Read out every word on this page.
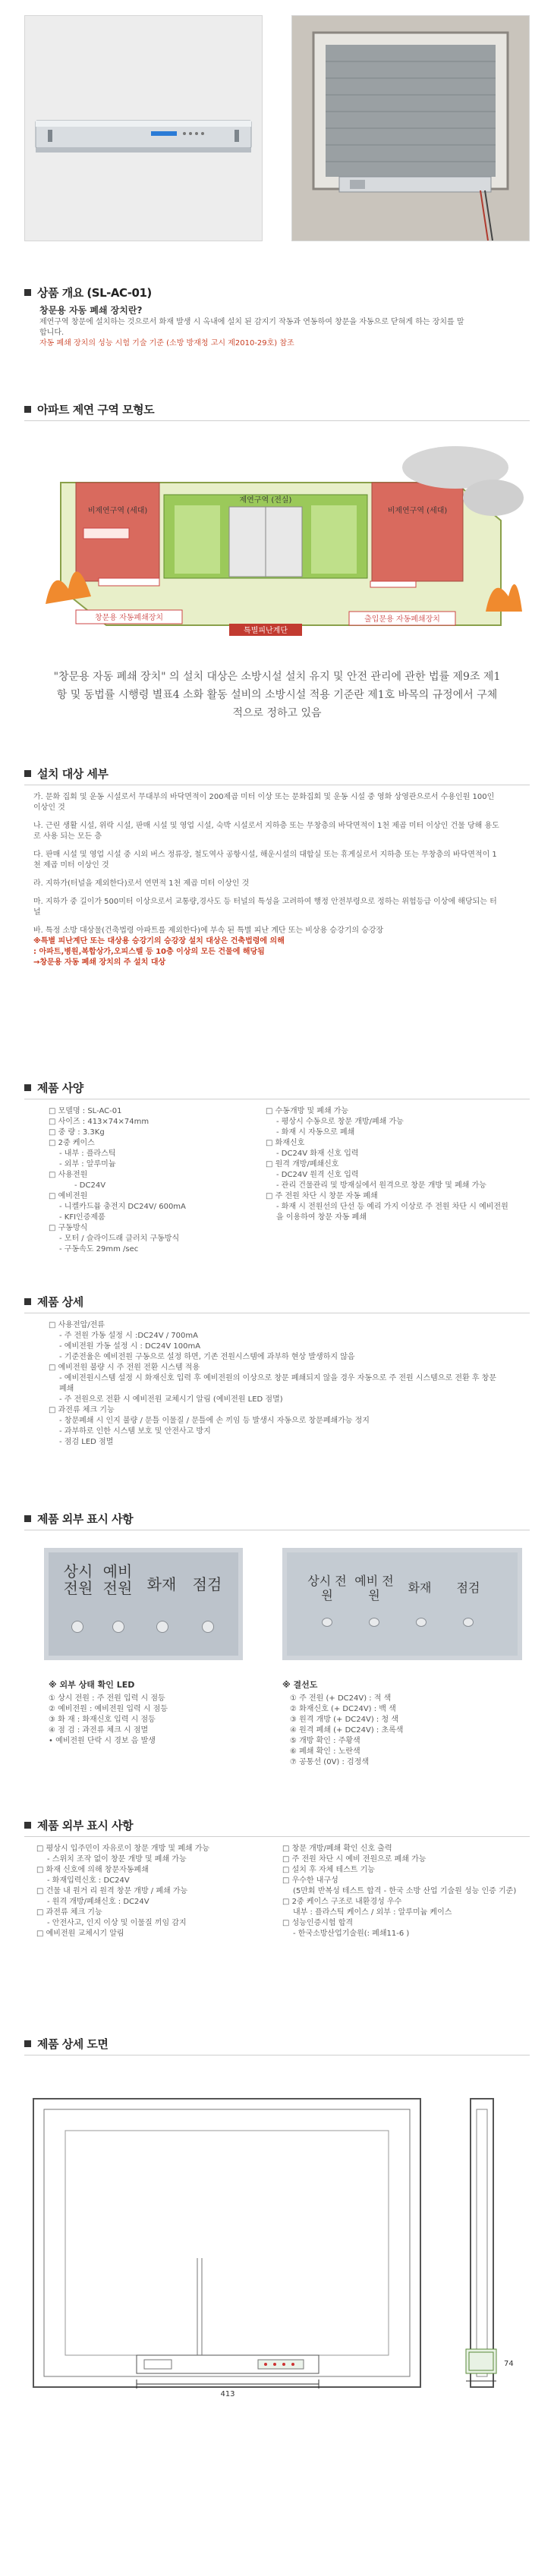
상품 개요 (SL-AC-01)
창문용 자동 폐쇄 장치란?
제연구역 창문에 설치하는 것으로서 화재 발생 시 옥내에 설치 된 감지기 작동과 연동하여 창문을 자동으로 닫혀게 하는 장치를 말합니다.
자동 폐쇄 장치의 성능 시험 기술 기준 (소방 방재청 고시 제2010-29호) 참조
아파트 제연 구역 모형도
비제연구역 (세대)
제연구역 (전실)
비제연구역 (세대)
창문용 자동폐쇄장치	출입문용 자동폐쇄장치
특별피난계단
"창문용 자동 폐쇄 장치" 의 설치 대상은 소방시설 설치 유지 및 안전 관리에 관한 법률 제9조 제1항 및 동법률 시행령 별표4 소화 활동 설비의 소방시설 적용 기준란 제1호 바목의 규정에서 구체적으로 정하고 있음
설치 대상 세부

가. 문화 집회 및 운동 시설로서 무대부의 바닥면적이 200제곱 미터 이상 또는 문화집회 및 운동 시설 중 영화 상영관으로서 수용인원 100인 이상인 것

나. 근린 생활 시설, 위락 시설, 판매 시설 및 영업 시설, 숙박 시설로서 지하층 또는 무창층의 바닥면적이 1천 제곱 미터 이상인 건물 당해 용도로 사용 되는 모든 층

다. 판매 시설 및 영업 시설 중 시외 버스 정류장, 철도역사 공항시설, 해운시설의 대합실 또는 휴게실로서 지하층 또는 무창층의 바닥면적이 1천 제곱 미터 이상인 것

라. 지하가(터널을 제외한다)로서 연면적 1천 제곱 미터 이상인 것

마. 지하가 중 길이가 500미터 이상으로서 교통량,경사도 등 터널의 특성을 고려하여 행정 안전부령으로 정하는 위험등급 이상에 해당되는 터널

바. 특정 소방 대상물(건축법령 아파트를 제외한다)에 부속 된 특별 피난 계단 또는 비상용 승강기의 승강장

※특별 피난계단 또는 대상용 승강기의 승강장 설치 대상은 건축법령에 의해

: 아파트,병원,복합상가,오피스텔 등 10층 이상의 모든 건물에 해당됨

→창문용 자동 폐쇄 장치의 주 설치 대상

제품 사양

□ 모델명 : SL-AC-01

□ 사이즈 : 413×74×74mm

□ 중 량 : 3.3Kg

□ 2중 케이스

- 내부 : 플라스틱

- 외부 : 알루미늄

□ 사용전원

- DC24V

□ 예비전원

- 니켈카드뮴 충전지 DC24V/ 600mA

- KFI인증제품

□ 구동방식

- 모터 / 슬라이드래 클러치 구동방식

- 구동속도 29mm /sec

□ 수동개방 및 폐쇄 가능

- 평상시 수동으로 창문 개방/폐쇄 가능

- 화재 시 자동으로 폐쇄

□ 화재신호

- DC24V 화재 신호 입력

□ 원격 개방/폐쇄신호

- DC24V 원격 신호 입력

- 관리 건물관리 및 방재실에서 원격으로 창문 개방 및 폐쇄 가능

□ 주 전원 차단 시 창문 자동 폐쇄

- 화재 시 전원선의 단선 등 예리 가지 이상로 주 전원 차단 시 예비전원을 이용하여 창문 자동 폐쇄

제품 상세

□ 사용전압/전류

- 주 전원 가동 설정 시 :DC24V / 700mA

- 예비전원 가동 설정 시 : DC24V 100mA

- 기준전율은 예비전원 구동으로 설정 하면, 기존 전원시스템에 과부하 현상 발생하지 않음

□ 예비전원 불량 시 주 전원 전환 시스템 적용

- 예비전원시스템 설정 시 화재신호 입력 후 예비전원의 이상으로 창문 폐쇄되지 않을 경우 자동으로 주 전원 시스템으로 전환 후 창문 폐쇄

- 주 전원으로 전환 시 예비전원 교체시기 알림 (예비전원 LED 점멸)

□ 과전류 체크 기능

- 창문폐쇄 시 인지 불량 / 문틀 이물질 / 문틀에 손 끼임 등 발생시 자동으로 창문폐쇄가능 정지

- 과부하로 인한 시스템 보호 및 안전사고 방지

- 점검 LED 점멸

제품 외부 표시 사항
상시 전원
예비 전원 화재 점검	상시 전원
예비 전원
화재	점검
※ 외부 상태 확인 LED

① 상시 전원 : 주 전원 입력 시 점등

② 예비전원 : 예비전원 입력 시 점등

③ 화 재 : 화재신호 입력 시 점등

④ 점 검 : 과전류 체크 시 점멸

• 예비전원 단락 시 경보 음 발생

※ 결선도

① 주 전원 (+ DC24V) : 적 색

② 화재신호 (+ DC24V) : 백 색

③ 원격 개방 (+ DC24V) : 청 색

④ 원격 폐쇄 (+ DC24V) : 초록색

⑤ 개방 확인 : 주황색

⑥ 폐쇄 확인 : 노란색

⑦ 공통선 (0V) : 검정색

제품 외부 표시 사항

□ 평상시 입주민이 자유로이 창문 개방 및 폐쇄 가능

- 스위치 조작 없이 창문 개방 및 폐쇄 가능

□ 화재 신호에 의해 창문자동폐쇄

- 화재입력신호 : DC24V

□ 건물 내 원거 리 원격 창문 개방 / 폐쇄 가능

- 원격 개방/폐쇄신호 : DC24V

□ 과전류 체크 기능

- 안전사고, 인지 이상 및 이물질 끼임 감지

□ 예비전원 교체시기 알림

□ 창문 개방/폐쇄 확인 신호 출력

□ 주 전원 차단 시 예비 전원으로 폐쇄 가능

□ 설치 후 자체 테스트 기능

□ 우수한 내구성

(5만회 반복성 테스트 합격 - 한국 소방 산업 기술원 성능 인증 기준)

□ 2중 케이스 구조로 내환경성 우수

내부 : 플라스틱 케이스 / 외부 : 알루미늄 케이스

□ 성능인증시험 합격

- 한국소방산업기술원(: 폐쇄11-6 )

제품 상세 도면
413
74
